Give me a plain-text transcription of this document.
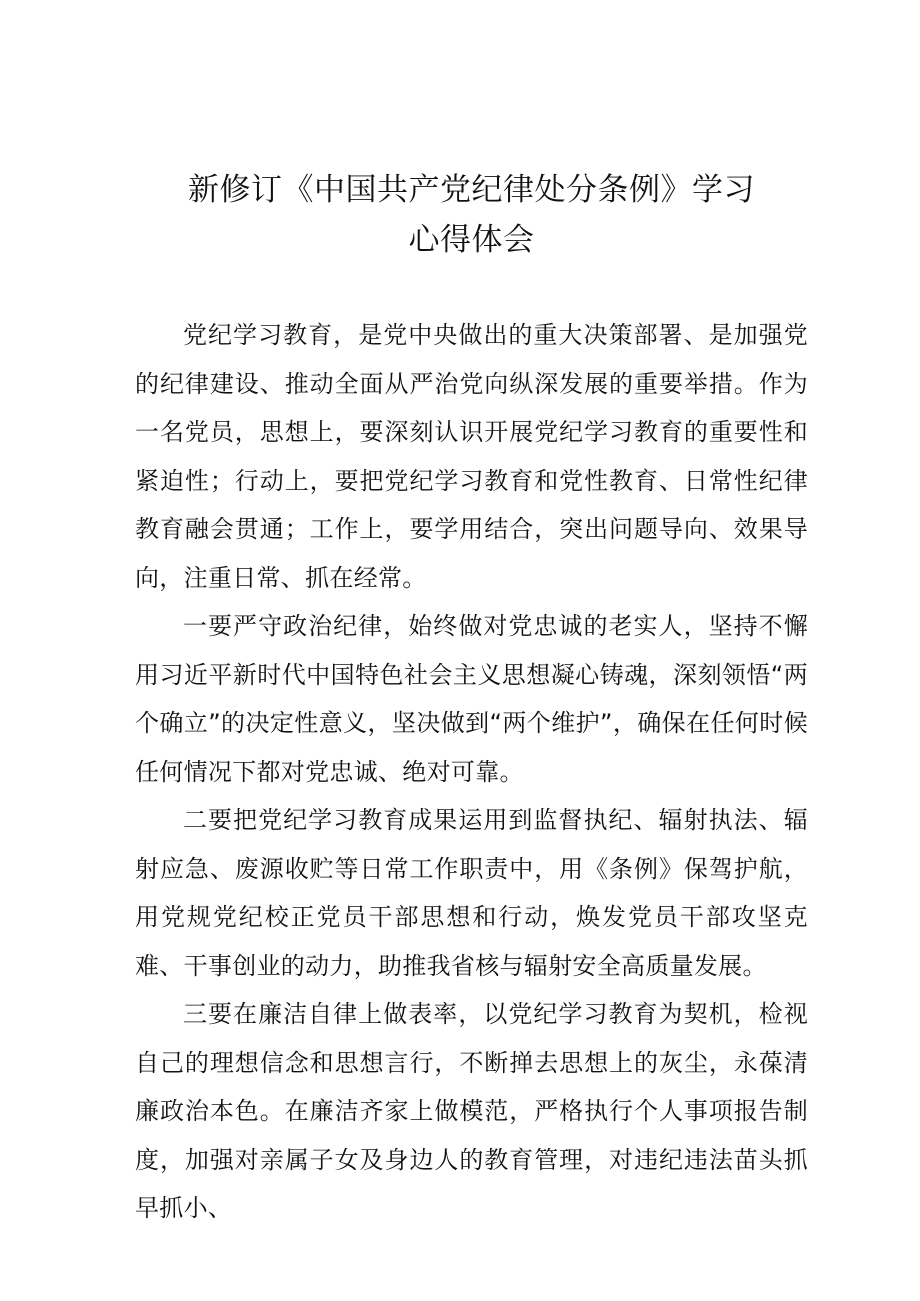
新修订《中国共产党纪律处分条例》学习
心得体会

党纪学习教育，是党中央做出的重大决策部署、是加强党的纪律建设、推动全面从严治党向纵深发展的重要举措。作为一名党员，思想上，要深刻认识开展党纪学习教育的重要性和紧迫性；行动上，要把党纪学习教育和党性教育、日常性纪律教育融会贯通；工作上，要学用结合，突出问题导向、效果导向，注重日常、抓在经常。

一要严守政治纪律，始终做对党忠诚的老实人，坚持不懈用习近平新时代中国特色社会主义思想凝心铸魂，深刻领悟“两个确立”的决定性意义，坚决做到“两个维护”，确保在任何时候任何情况下都对党忠诚、绝对可靠。

二要把党纪学习教育成果运用到监督执纪、辐射执法、辐射应急、废源收贮等日常工作职责中，用《条例》保驾护航，用党规党纪校正党员干部思想和行动，焕发党员干部攻坚克难、干事创业的动力，助推我省核与辐射安全高质量发展。

三要在廉洁自律上做表率，以党纪学习教育为契机，检视自己的理想信念和思想言行，不断掸去思想上的灰尘，永葆清廉政治本色。在廉洁齐家上做模范，严格执行个人事项报告制度，加强对亲属子女及身边人的教育管理，对违纪违法苗头抓早抓小、
